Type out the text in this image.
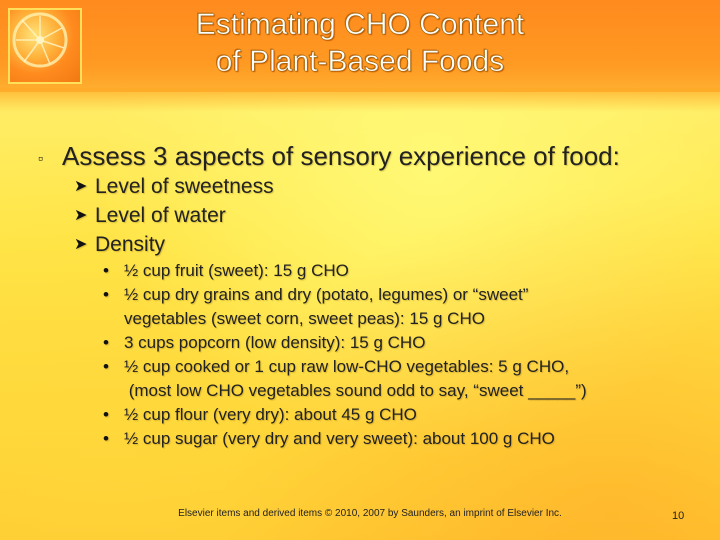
Estimating CHO Content
of Plant-Based Foods
▫ Assess 3 aspects of sensory experience of food:
➤ Level of sweetness
➤ Level of water
➤ Density
• ½ cup fruit (sweet): 15 g CHO
• ½ cup dry grains and dry (potato, legumes) or “sweet”
vegetables (sweet corn, sweet peas): 15 g CHO
• 3 cups popcorn (low density): 15 g CHO
• ½ cup cooked or 1 cup raw low-CHO vegetables: 5 g CHO,
(most low CHO vegetables sound odd to say, “sweet _____”)
• ½ cup flour (very dry): about 45 g CHO
• ½ cup sugar (very dry and very sweet): about 100 g CHO
Elsevier items and derived items © 2010, 2007 by Saunders, an imprint of Elsevier Inc.	10
